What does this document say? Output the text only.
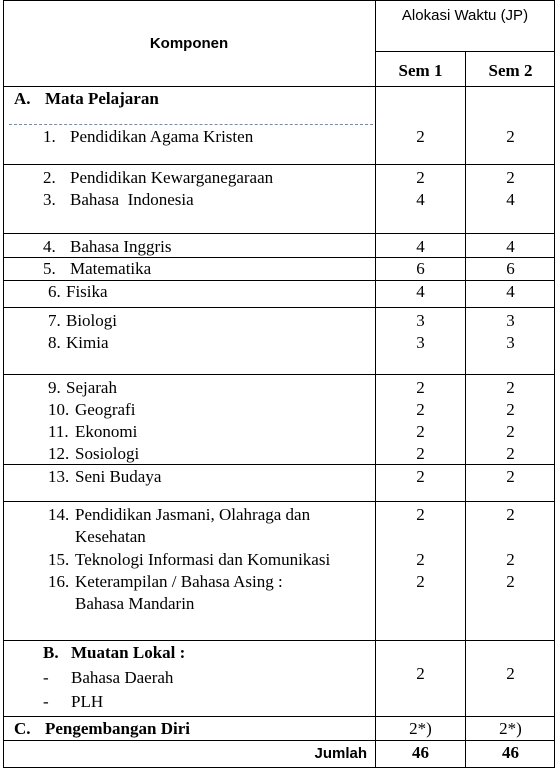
Komponen
Alokasi Waktu (JP)
Sem 1	Sem 2
A. Mata Pelajaran
1. Pendidikan Agama Kristen	2	2
2. Pendidikan Kewarganegaraan	2	2
3. Bahasa  Indonesia	4	4
4. Bahasa Inggris	4	4
5. Matematika	6	6
6. Fisika	4	4
7. Biologi	3	3
8. Kimia	3	3
9. Sejarah	2	2
10. Geografi	2	2
11. Ekonomi	2	2
12. Sosiologi	2	2
13. Seni Budaya	2	2
14. Pendidikan Jasmani, Olahraga dan
Kesehatan
2	2
15. Teknologi Informasi dan Komunikasi	2	2
16. Keterampilan / Bahasa Asing :
Bahasa Mandarin
2	2
B. Muatan Lokal :
- Bahasa Daerah
- PLH
2	2
C. Pengembangan Diri	2*)	2*)
Jumlah	46	46
